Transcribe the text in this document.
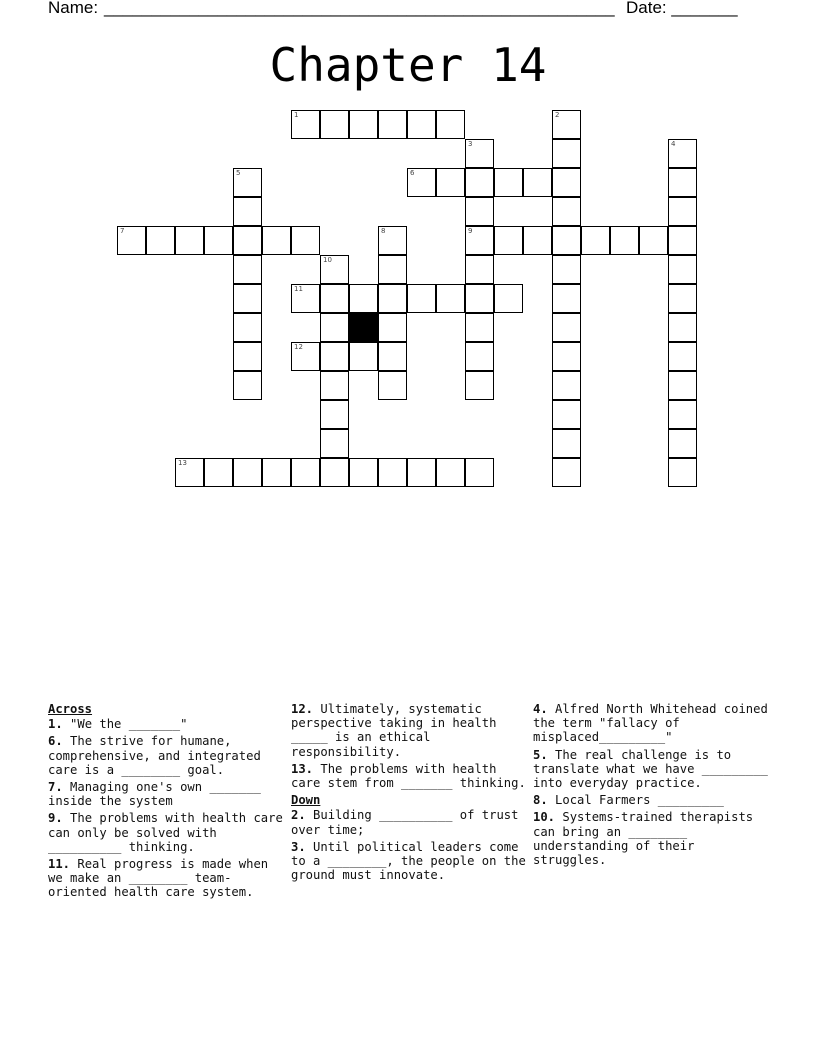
Name: ______________________________________________________ Date: _______
Chapter 14
1	2
3
9
4
5	6
7	8
10
11
12
13
Across
1. "We the _______"
6. The strive for humane, comprehensive, and integrated care is a ________ goal.
7. Managing one's own _______ inside the system
9. The problems with health care can only be solved with __________ thinking.
11. Real progress is made when we make an ________ team-oriented health care system.
12. Ultimately, systematic perspective taking in health _____ is an ethical responsibility.
13. The problems with health care stem from _______ thinking.
Down
2. Building __________ of trust over time;
3. Until political leaders come to a ________, the people on the ground must innovate.
4. Alfred North Whitehead coined the term "fallacy of misplaced_________"
5. The real challenge is to translate what we have _________ into everyday practice.
8. Local Farmers _________
10. Systems-trained therapists can bring an ________ understanding of their struggles.
